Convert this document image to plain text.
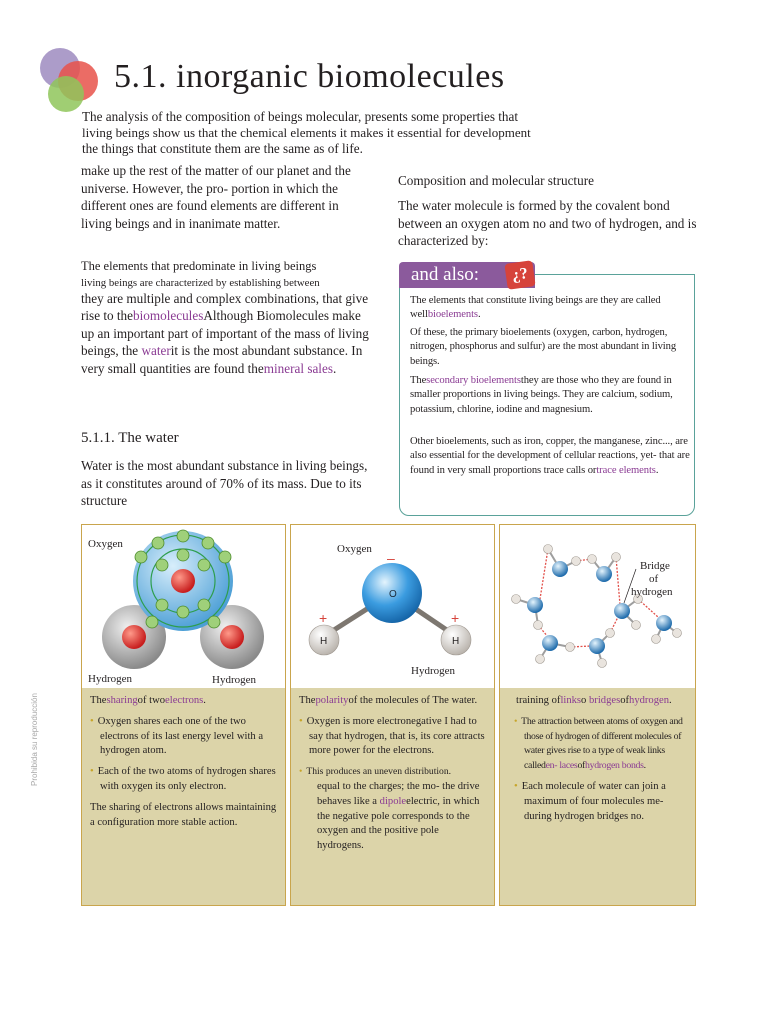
5.1. inorganic biomolecules
The analysis of the composition of beings molecular, presents some properties that
living beings show us that the chemical elements it makes it essential for development
the things that constitute them are the same as of life.
make up the rest of the matter of our planet and the universe. However, the pro- portion in which the different ones are found elements are different in living beings and in inanimate matter.
The elements that predominate in living beings
living beings are characterized by establishing between
they are multiple and complex combinations, that give rise to thebiomoleculesAlthough Biomolecules make up an important part of important of the mass of living beings, the waterit is the most abundant substance. In very small quantities are found themineral sales.
5.1.1. The water
Water is the most abundant substance in living beings, as it constitutes around of 70% of its mass. Due to its structure
Composition and molecular structure
The water molecule is formed by the covalent bond between an oxygen atom no and two of hydrogen, and is characterized by:
and also:	¿?
The elements that constitute living beings are they are called wellbioelements.
Of these, the primary bioelements (oxygen, carbon, hydrogen, nitrogen, phosphorus and sulfur) are the most abundant in living beings.
Thesecondary bioelementsthey are those who they are found in smaller proportions in living beings. They are calcium, sodium, potassium, chlorine, iodine and magnesium.
Other bioelements, such as iron, copper, the manganese, zinc..., are also essential for the development of cellular reactions, yet- that are found in very small proportions trace calls ortrace elements.
Oxygen
Hydrogen	Hydrogen
Thesharingof twoelectrons.
• Oxygen shares each one of the two electrons of its last energy level with a hydrogen atom.
• Each of the two atoms of hydrogen shares with oxygen its only electron.
The sharing of electrons allows maintaining a configuration more stable action.
O
H	H
–
+	+
Oxygen
Hydrogen
Thepolarityof the molecules of The water.
• Oxygen is more electronegative I had to say that hydrogen, that is, its core attracts more power for the electrons.
• This produces an uneven distribution.
equal to the charges; the mo- the drive behaves like a dipoleelectric, in which the negative pole corresponds to the oxygen and the positive pole hydrogens.
Bridge of hydrogen
training oflinkso bridgesofhydrogen.
• The attraction between atoms of oxygen and those of hydrogen of different molecules of water gives rise to a type of weak links calleden- lacesofhydrogen bonds.
• Each molecule of water can join a maximum of four molecules me- during hydrogen bridges no.
Prohibida su reproducción
